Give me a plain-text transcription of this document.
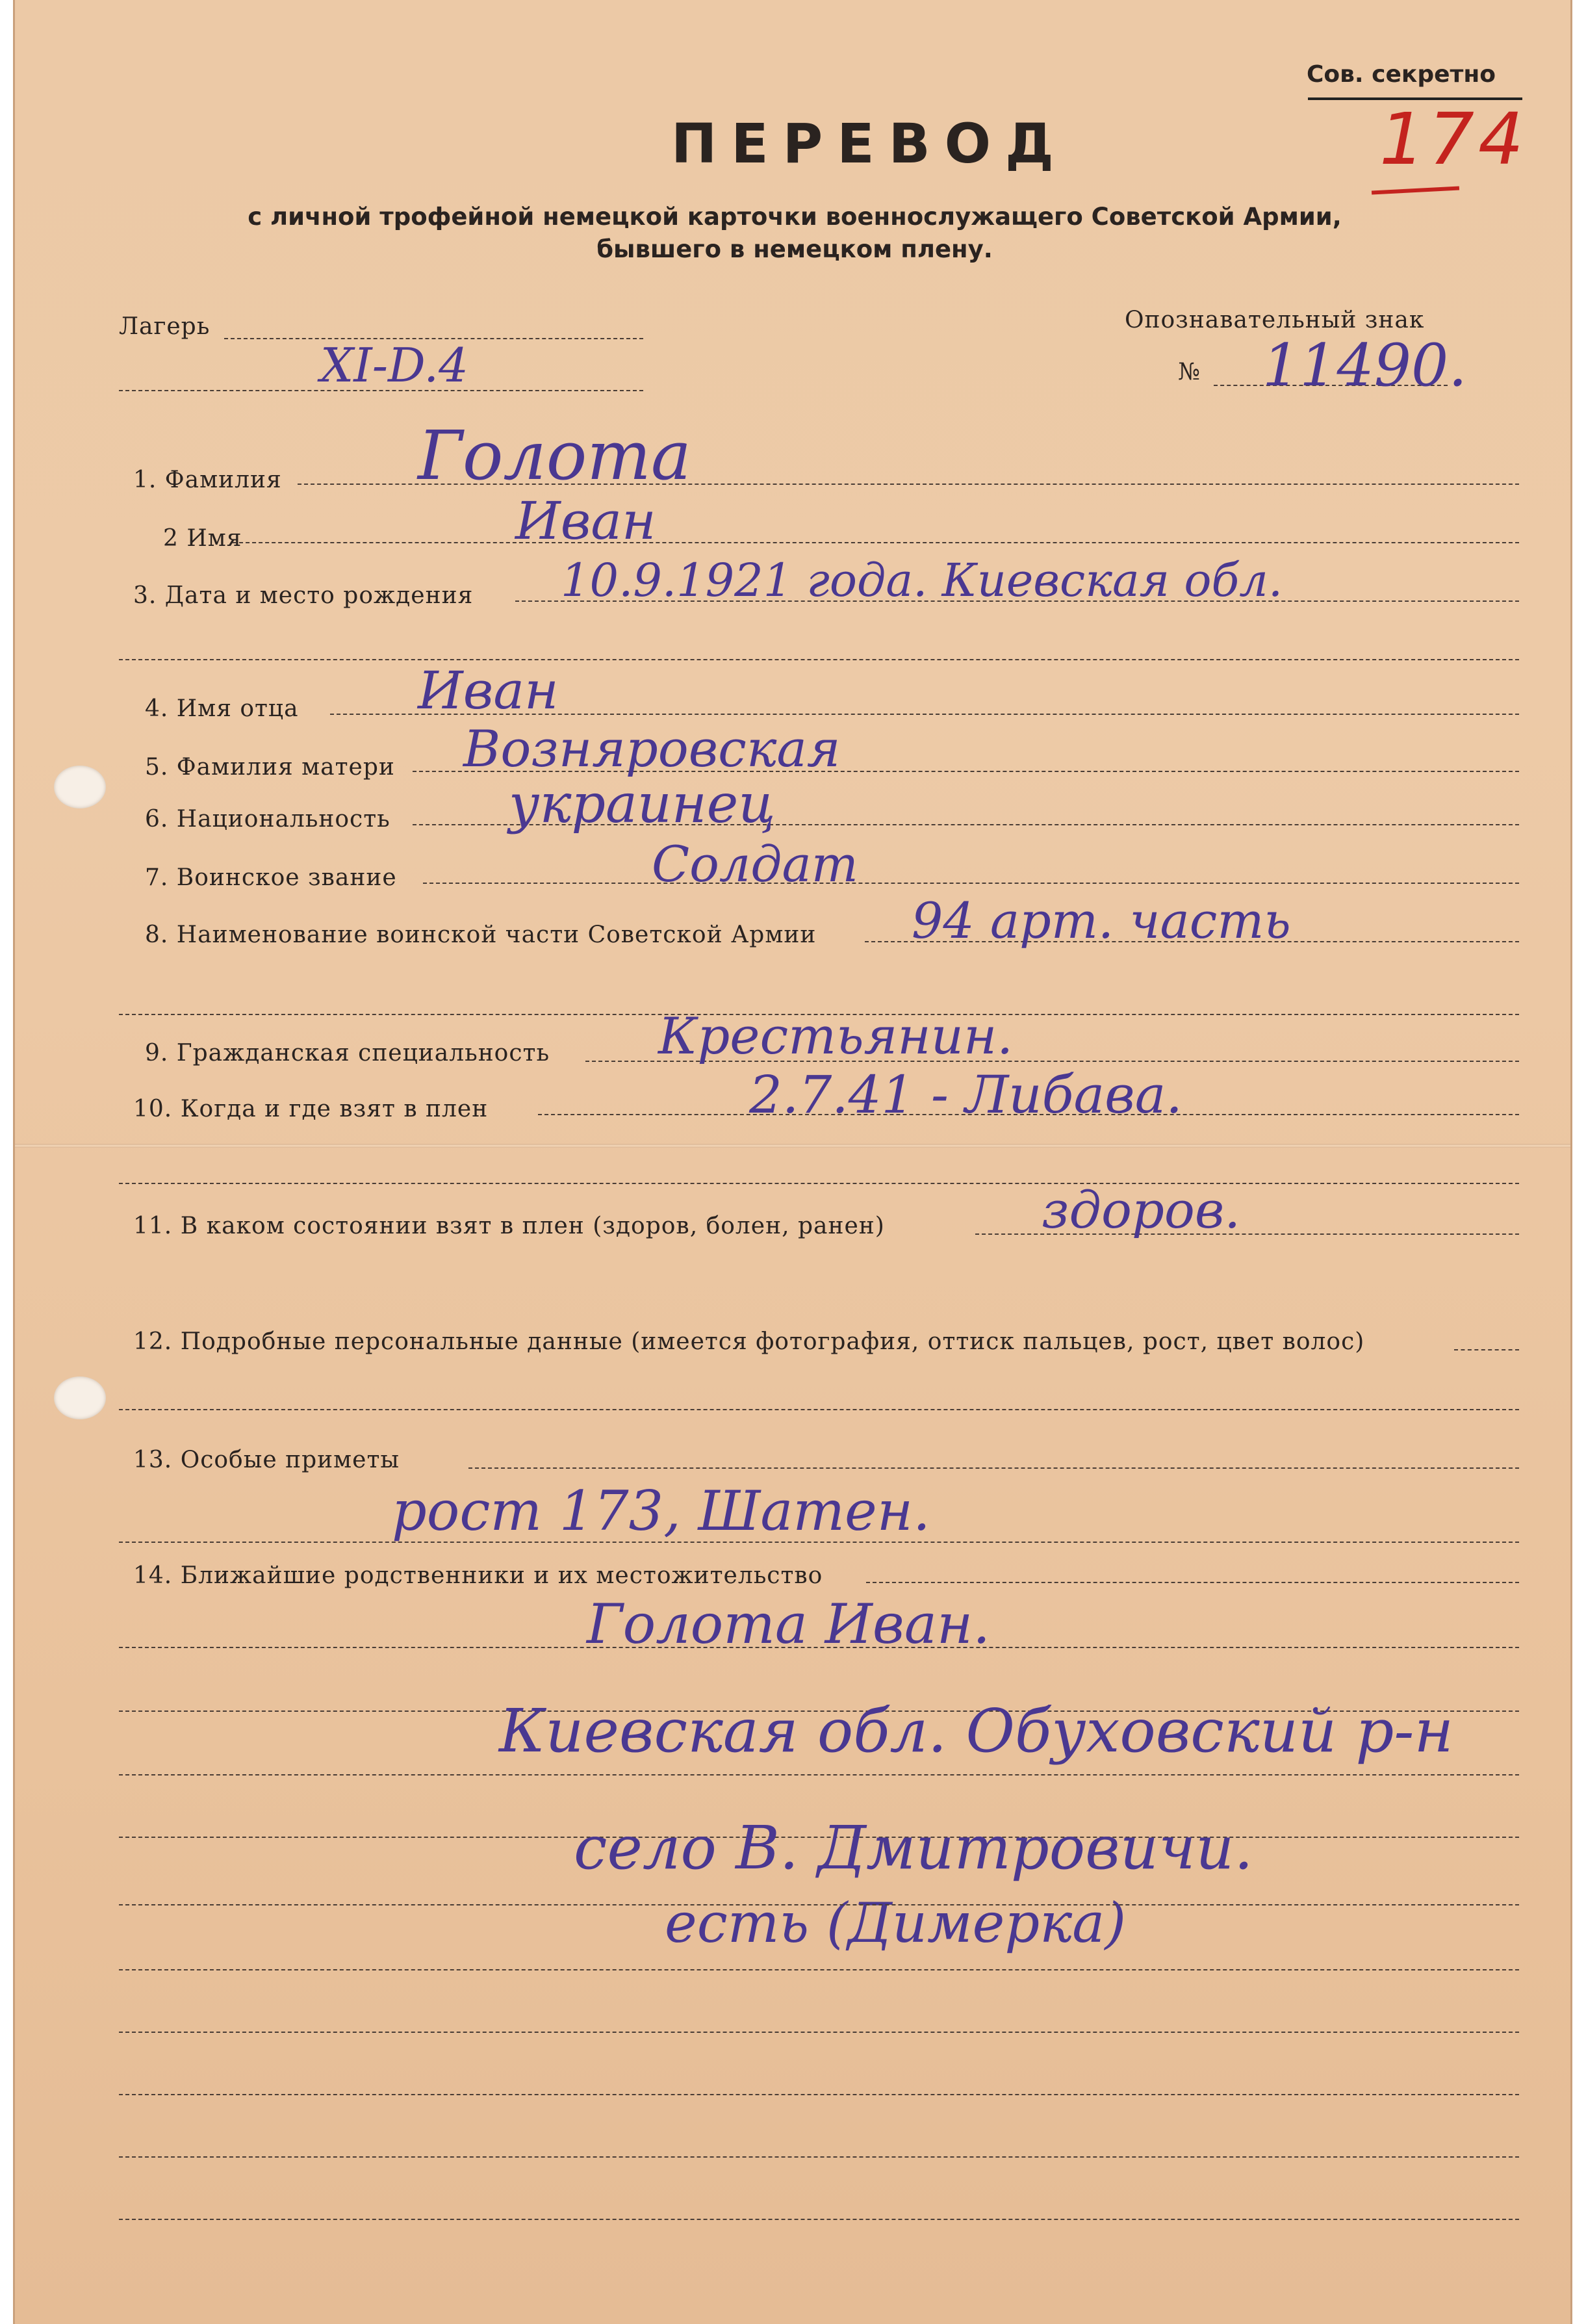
Сов. секретно
174
ПЕРЕВОД
с личной трофейной немецкой карточки военнослужащего Советской Армии,
бывшего в немецком плену.
Лагерь
XI-D.4
Опознавательный знак
№ 11490.
1. Фамилия Голота
2 Имя	Иван
3. Дата и место рождения 10.9.1921 года. Киевская обл.
4. Имя отца Иван
5. Фамилия матери Возняровская
6. Национальность украинец
7. Воинское звание	Солдат
8. Наименование воинской части Советской Армии 94 арт. часть
9. Гражданская специальность Крестьянин.
10. Когда и где взят в плен	2.7.41 - Либава.
11. В каком состоянии взят в плен (здоров, болен, ранен)	здоров.
12. Подробные персональные данные (имеется фотография, оттиск пальцев, рост, цвет волос)
13. Особые приметы
рост 173, Шатен.
14. Ближайшие родственники и их местожительство
Голота Иван.
Киевская обл. Обуховский р-н
село В. Дмитровичи.
есть (Димерка)
